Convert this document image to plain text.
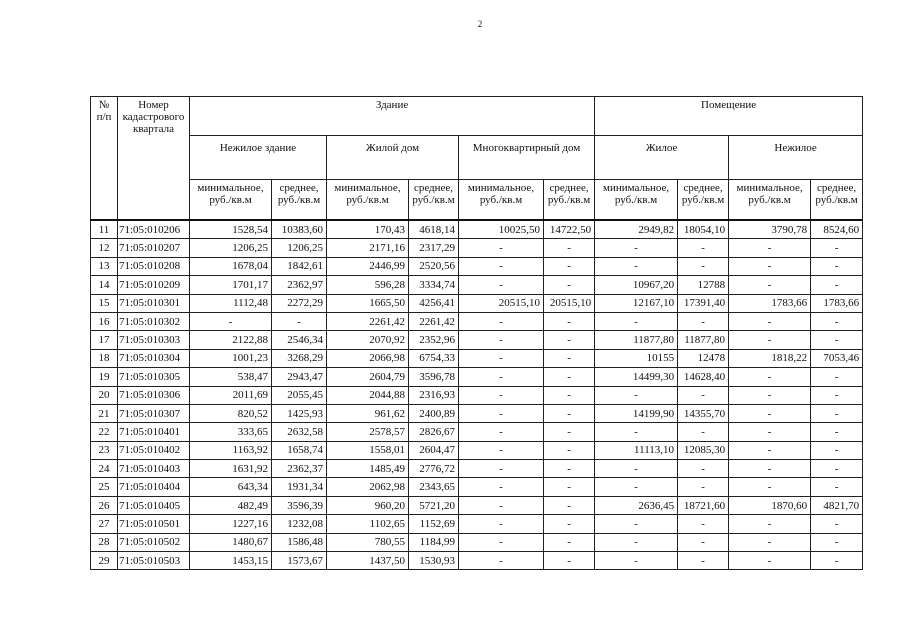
2
№ п/п	Номер кадастрового квартала	Здание						Помещение			
		Нежилое здание		Жилой дом		Многоквартирный дом		Жилое		Нежилое	
		минимальное, руб./кв.м	среднее, руб./кв.м	минимальное, руб./кв.м	среднее, руб./кв.м	минимальное, руб./кв.м	среднее, руб./кв.м	минимальное, руб./кв.м	среднее, руб./кв.м	минимальное, руб./кв.м	среднее, руб./кв.м
11	71:05:010206	1528,54	10383,60	170,43	4618,14	10025,50	14722,50	2949,82	18054,10	3790,78	8524,60
12	71:05:010207	1206,25	1206,25	2171,16	2317,29	-	-	-	-	-	-
13	71:05:010208	1678,04	1842,61	2446,99	2520,56	-	-	-	-	-	-
14	71:05:010209	1701,17	2362,97	596,28	3334,74	-	-	10967,20	12788	-	-
15	71:05:010301	1112,48	2272,29	1665,50	4256,41	20515,10	20515,10	12167,10	17391,40	1783,66	1783,66
16	71:05:010302	-	-	2261,42	2261,42	-	-	-	-	-	-
17	71:05:010303	2122,88	2546,34	2070,92	2352,96	-	-	11877,80	11877,80	-	-
18	71:05:010304	1001,23	3268,29	2066,98	6754,33	-	-	10155	12478	1818,22	7053,46
19	71:05:010305	538,47	2943,47	2604,79	3596,78	-	-	14499,30	14628,40	-	-
20	71:05:010306	2011,69	2055,45	2044,88	2316,93	-	-	-	-	-	-
21	71:05:010307	820,52	1425,93	961,62	2400,89	-	-	14199,90	14355,70	-	-
22	71:05:010401	333,65	2632,58	2578,57	2826,67	-	-	-	-	-	-
23	71:05:010402	1163,92	1658,74	1558,01	2604,47	-	-	11113,10	12085,30	-	-
24	71:05:010403	1631,92	2362,37	1485,49	2776,72	-	-	-	-	-	-
25	71:05:010404	643,34	1931,34	2062,98	2343,65	-	-	-	-	-	-
26	71:05:010405	482,49	3596,39	960,20	5721,20	-	-	2636,45	18721,60	1870,60	4821,70
27	71:05:010501	1227,16	1232,08	1102,65	1152,69	-	-	-	-	-	-
28	71:05:010502	1480,67	1586,48	780,55	1184,99	-	-	-	-	-	-
29	71:05:010503	1453,15	1573,67	1437,50	1530,93	-	-	-	-	-	-
